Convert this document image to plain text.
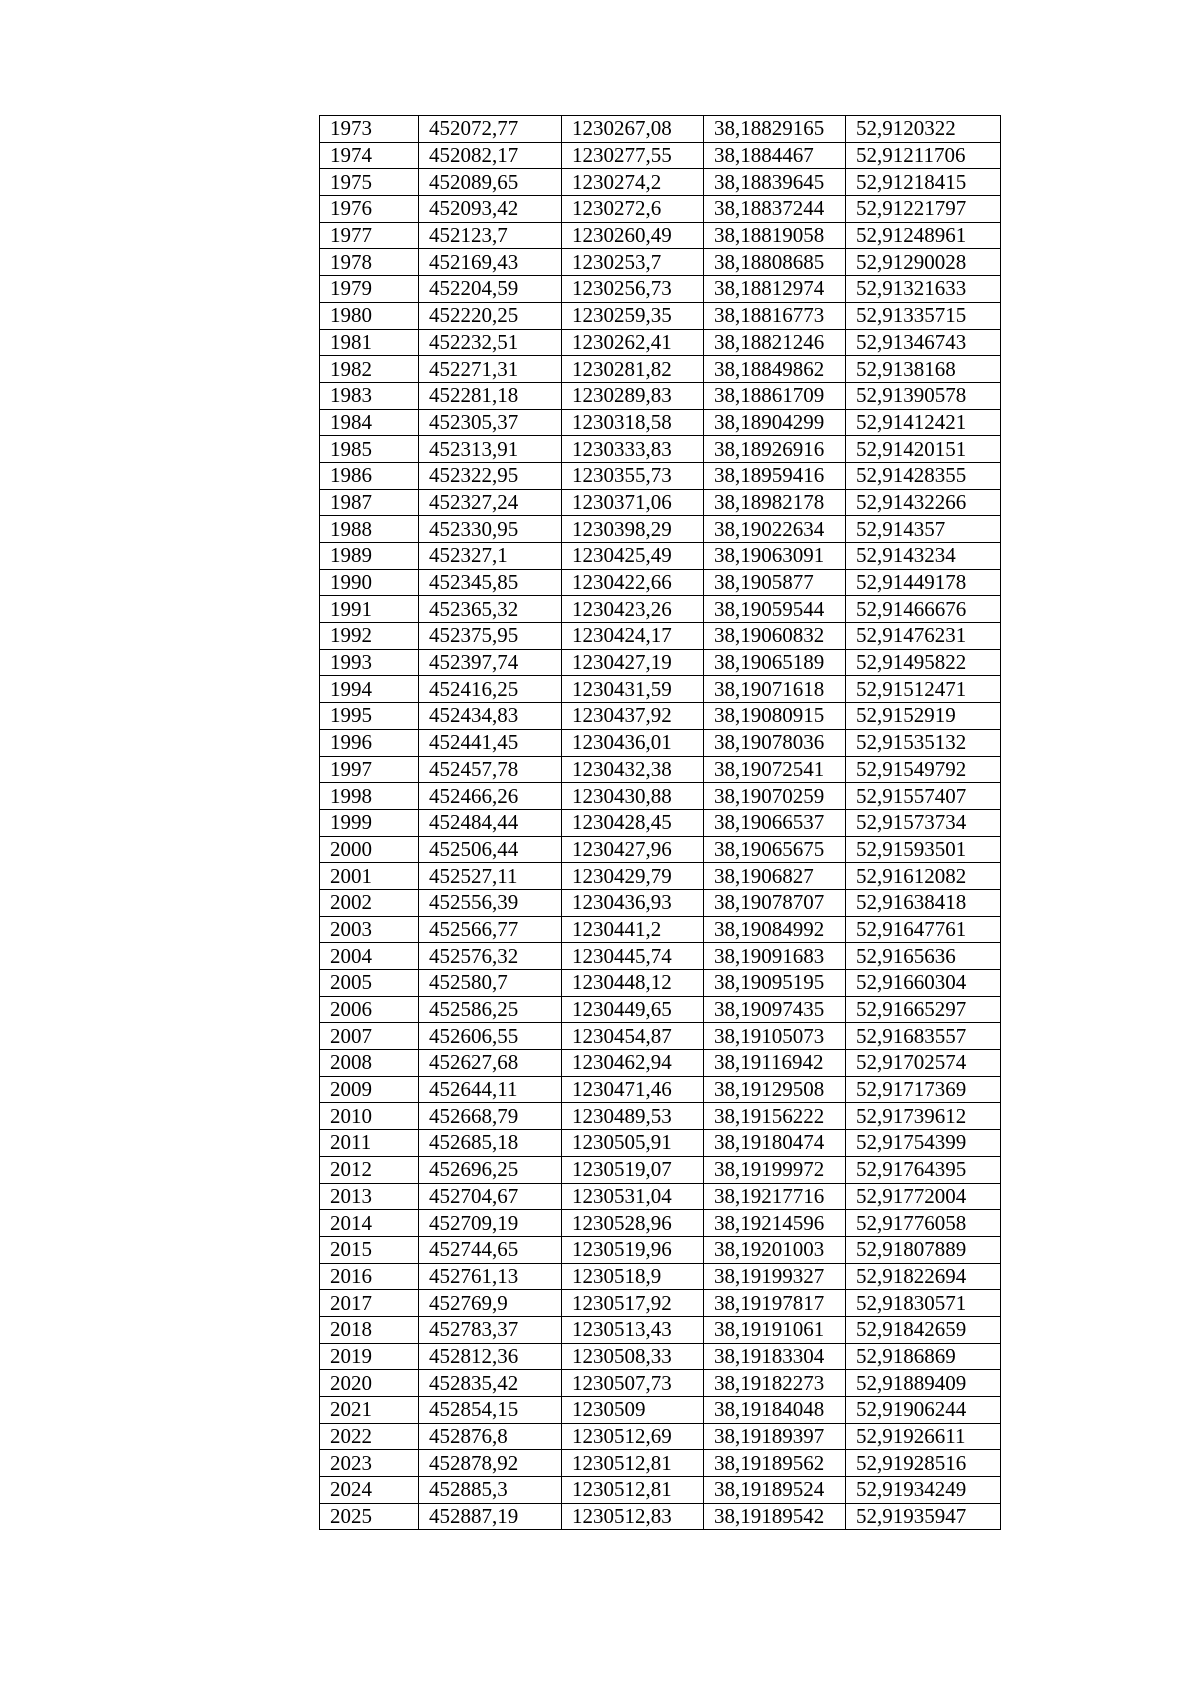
1973	452072,77	1230267,08	38,18829165	52,9120322
1974	452082,17	1230277,55	38,1884467	52,91211706
1975	452089,65	1230274,2	38,18839645	52,91218415
1976	452093,42	1230272,6	38,18837244	52,91221797
1977	452123,7	1230260,49	38,18819058	52,91248961
1978	452169,43	1230253,7	38,18808685	52,91290028
1979	452204,59	1230256,73	38,18812974	52,91321633
1980	452220,25	1230259,35	38,18816773	52,91335715
1981	452232,51	1230262,41	38,18821246	52,91346743
1982	452271,31	1230281,82	38,18849862	52,9138168
1983	452281,18	1230289,83	38,18861709	52,91390578
1984	452305,37	1230318,58	38,18904299	52,91412421
1985	452313,91	1230333,83	38,18926916	52,91420151
1986	452322,95	1230355,73	38,18959416	52,91428355
1987	452327,24	1230371,06	38,18982178	52,91432266
1988	452330,95	1230398,29	38,19022634	52,914357
1989	452327,1	1230425,49	38,19063091	52,9143234
1990	452345,85	1230422,66	38,1905877	52,91449178
1991	452365,32	1230423,26	38,19059544	52,91466676
1992	452375,95	1230424,17	38,19060832	52,91476231
1993	452397,74	1230427,19	38,19065189	52,91495822
1994	452416,25	1230431,59	38,19071618	52,91512471
1995	452434,83	1230437,92	38,19080915	52,9152919
1996	452441,45	1230436,01	38,19078036	52,91535132
1997	452457,78	1230432,38	38,19072541	52,91549792
1998	452466,26	1230430,88	38,19070259	52,91557407
1999	452484,44	1230428,45	38,19066537	52,91573734
2000	452506,44	1230427,96	38,19065675	52,91593501
2001	452527,11	1230429,79	38,1906827	52,91612082
2002	452556,39	1230436,93	38,19078707	52,91638418
2003	452566,77	1230441,2	38,19084992	52,91647761
2004	452576,32	1230445,74	38,19091683	52,9165636
2005	452580,7	1230448,12	38,19095195	52,91660304
2006	452586,25	1230449,65	38,19097435	52,91665297
2007	452606,55	1230454,87	38,19105073	52,91683557
2008	452627,68	1230462,94	38,19116942	52,91702574
2009	452644,11	1230471,46	38,19129508	52,91717369
2010	452668,79	1230489,53	38,19156222	52,91739612
2011	452685,18	1230505,91	38,19180474	52,91754399
2012	452696,25	1230519,07	38,19199972	52,91764395
2013	452704,67	1230531,04	38,19217716	52,91772004
2014	452709,19	1230528,96	38,19214596	52,91776058
2015	452744,65	1230519,96	38,19201003	52,91807889
2016	452761,13	1230518,9	38,19199327	52,91822694
2017	452769,9	1230517,92	38,19197817	52,91830571
2018	452783,37	1230513,43	38,19191061	52,91842659
2019	452812,36	1230508,33	38,19183304	52,9186869
2020	452835,42	1230507,73	38,19182273	52,91889409
2021	452854,15	1230509	38,19184048	52,91906244
2022	452876,8	1230512,69	38,19189397	52,91926611
2023	452878,92	1230512,81	38,19189562	52,91928516
2024	452885,3	1230512,81	38,19189524	52,91934249
2025	452887,19	1230512,83	38,19189542	52,91935947
